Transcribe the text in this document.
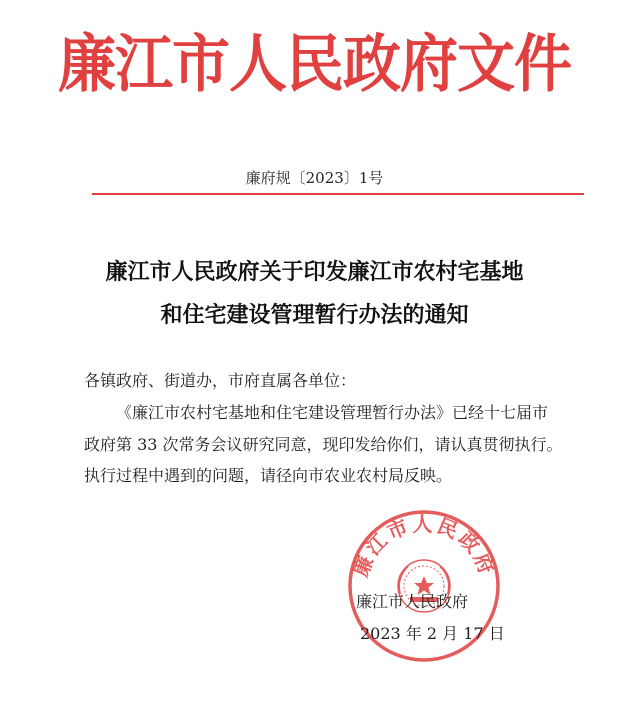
廉江市人民政府文件
廉府规〔2023〕1号
廉江市人民政府关于印发廉江市农村宅基地
和住宅建设管理暂行办法的通知
各镇政府、街道办，市府直属各单位：
《廉江市农村宅基地和住宅建设管理暂行办法》已经十七届市
政府第 33 次常务会议研究同意，现印发给你们，请认真贯彻执行。
执行过程中遇到的问题，请径向市农业农村局反映。
廉江市人民政府
廉江市人民政府
2023 年 2 月 17 日
